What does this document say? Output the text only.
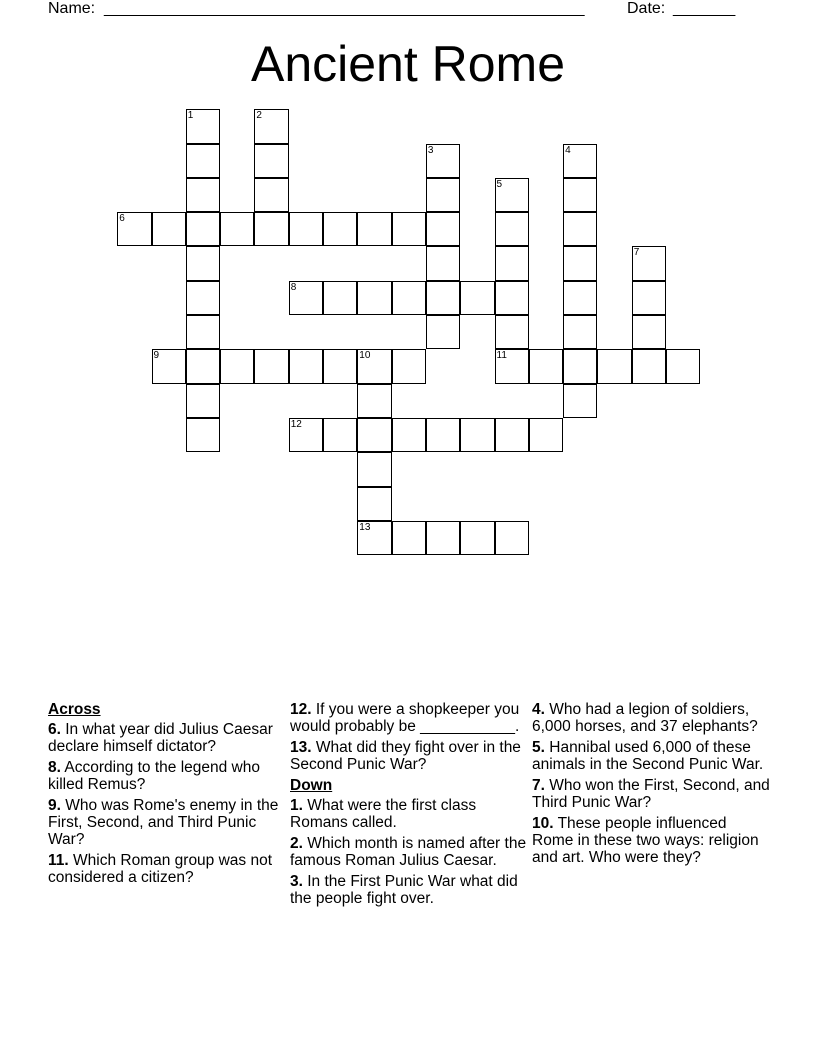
Name: ______________________________________________________	Date: _______
Ancient Rome
1	2
3	4
5
11
6
7
8
9	10
13
12
Across
6. In what year did Julius Caesar declare himself dictator?
8. According to the legend who killed Remus?
9. Who was Rome's enemy in the First, Second, and Third Punic War?
11. Which Roman group was not considered a citizen?
12. If you were a shopkeeper you would probably be ___________.
13. What did they fight over in the Second Punic War?
Down
1. What were the first class Romans called.
2. Which month is named after the famous Roman Julius Caesar.
3. In the First Punic War what did the people fight over.
4. Who had a legion of soldiers, 6,000 horses, and 37 elephants?
5. Hannibal used 6,000 of these animals in the Second Punic War.
7. Who won the First, Second, and Third Punic War?
10. These people influenced Rome in these two ways: religion and art. Who were they?
